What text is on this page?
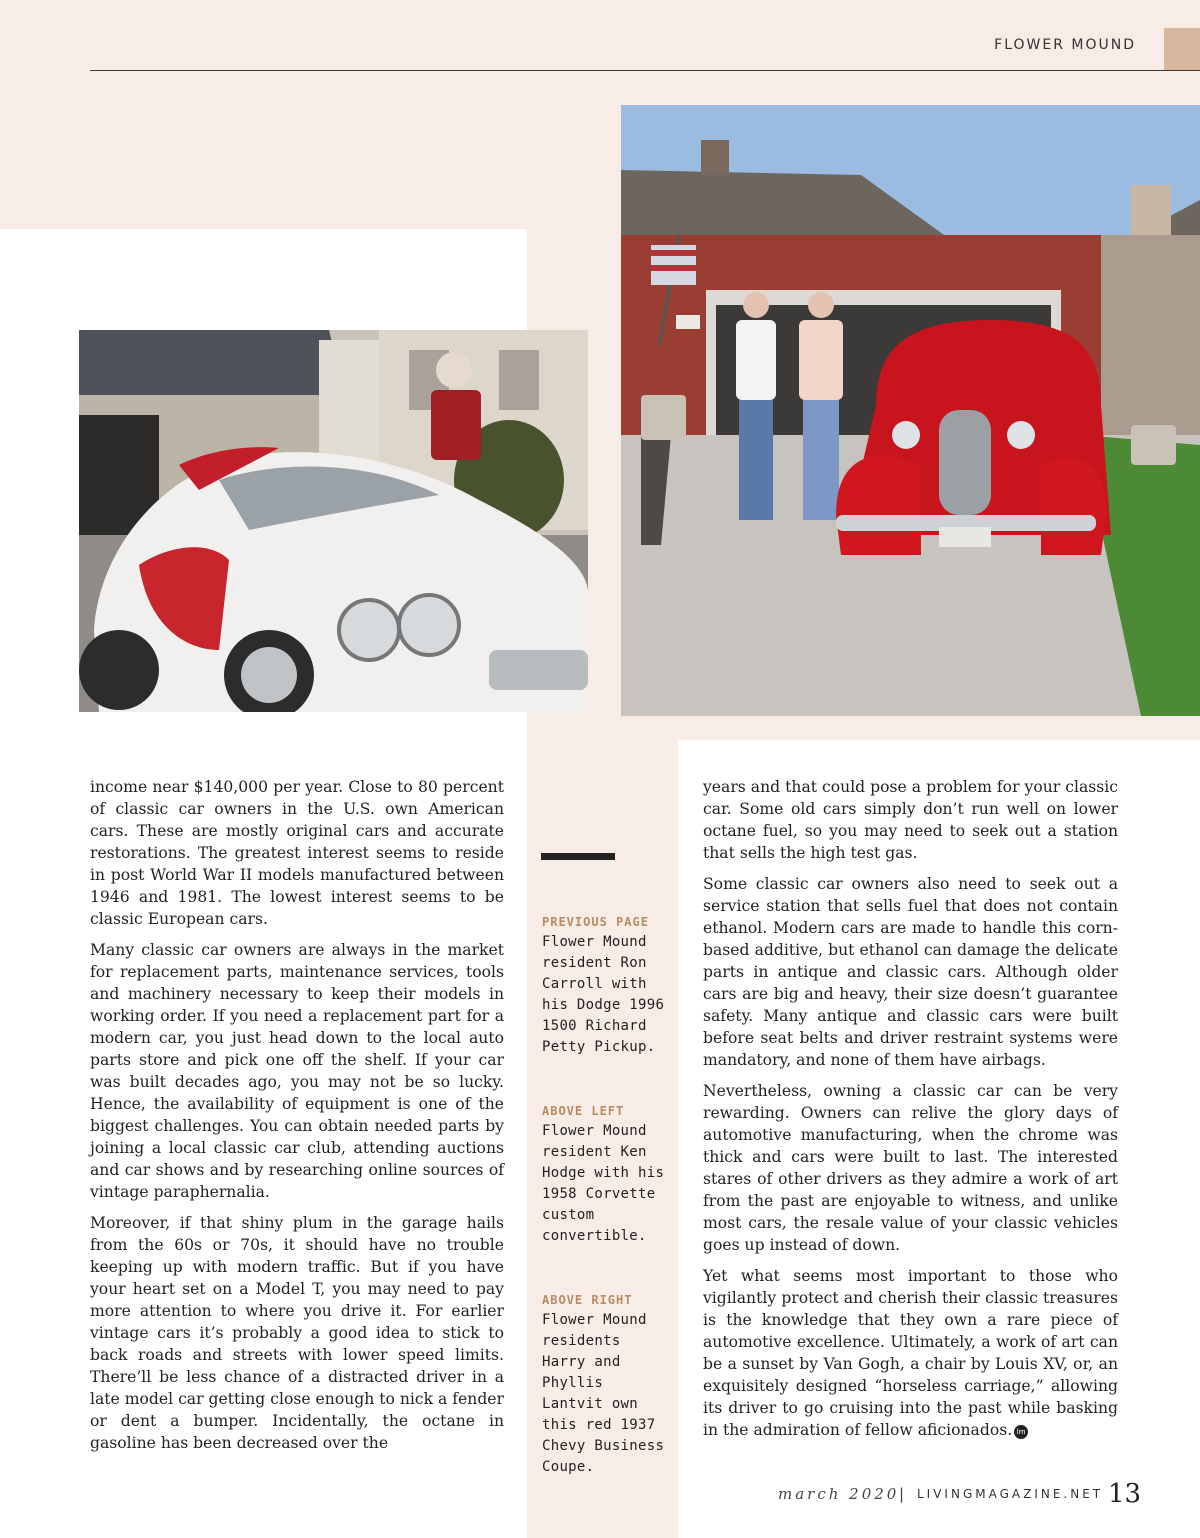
FLOWER MOUND

income near $140,000 per year. Close to 80 percent of classic car owners in the U.S. own American cars. These are mostly original cars and accurate restorations. The greatest interest seems to reside in post World War II models manufactured between 1946 and 1981. The lowest interest seems to be classic European cars.

Many classic car owners are always in the market for replacement parts, maintenance services, tools and machinery necessary to keep their models in working order. If you need a replacement part for a modern car, you just head down to the local auto parts store and pick one off the shelf. If your car was built decades ago, you may not be so lucky. Hence, the availability of equipment is one of the biggest challenges. You can obtain needed parts by joining a local classic car club, attending auctions and car shows and by researching online sources of vintage paraphernalia.

Moreover, if that shiny plum in the garage hails from the 60s or 70s, it should have no trouble keeping up with modern traffic. But if you have your heart set on a Model T, you may need to pay more attention to where you drive it. For earlier vintage cars it’s probably a good idea to stick to back roads and streets with lower speed limits. There’ll be less chance of a distracted driver in a late model car getting close enough to nick a fender or dent a bumper. Incidentally, the octane in gasoline has been decreased over the

PREVIOUS PAGE
Flower Mound resident Ron Carroll with his Dodge 1996 1500 Richard Petty Pickup.
ABOVE LEFT
Flower Mound resident Ken Hodge with his 1958 Corvette custom convertible.
ABOVE RIGHT
Flower Mound residents Harry and Phyllis Lantvit own this red 1937 Chevy Business Coupe.

years and that could pose a problem for your classic car. Some old cars simply don’t run well on lower octane fuel, so you may need to seek out a station that sells the high test gas.

Some classic car owners also need to seek out a service station that sells fuel that does not contain ethanol. Modern cars are made to handle this corn-based additive, but ethanol can damage the delicate parts in antique and classic cars. Although older cars are big and heavy, their size doesn’t guarantee safety. Many antique and classic cars were built before seat belts and driver restraint systems were mandatory, and none of them have airbags.

Nevertheless, owning a classic car can be very rewarding. Owners can relive the glory days of automotive manufacturing, when the chrome was thick and cars were built to last. The interested stares of other drivers as they admire a work of art from the past are enjoyable to witness, and unlike most cars, the resale value of your classic vehicles goes up instead of down.

Yet what seems most important to those who vigilantly protect and cherish their classic treasures is the knowledge that they own a rare piece of automotive excellence. Ultimately, a work of art can be a sunset by Van Gogh, a chair by Louis XV, or, an exquisitely designed “horseless carriage,” allowing its driver to go cruising into the past while basking in the admiration of fellow aficionados. lm

march 2020 | LIVINGMAGAZINE.NET 13
